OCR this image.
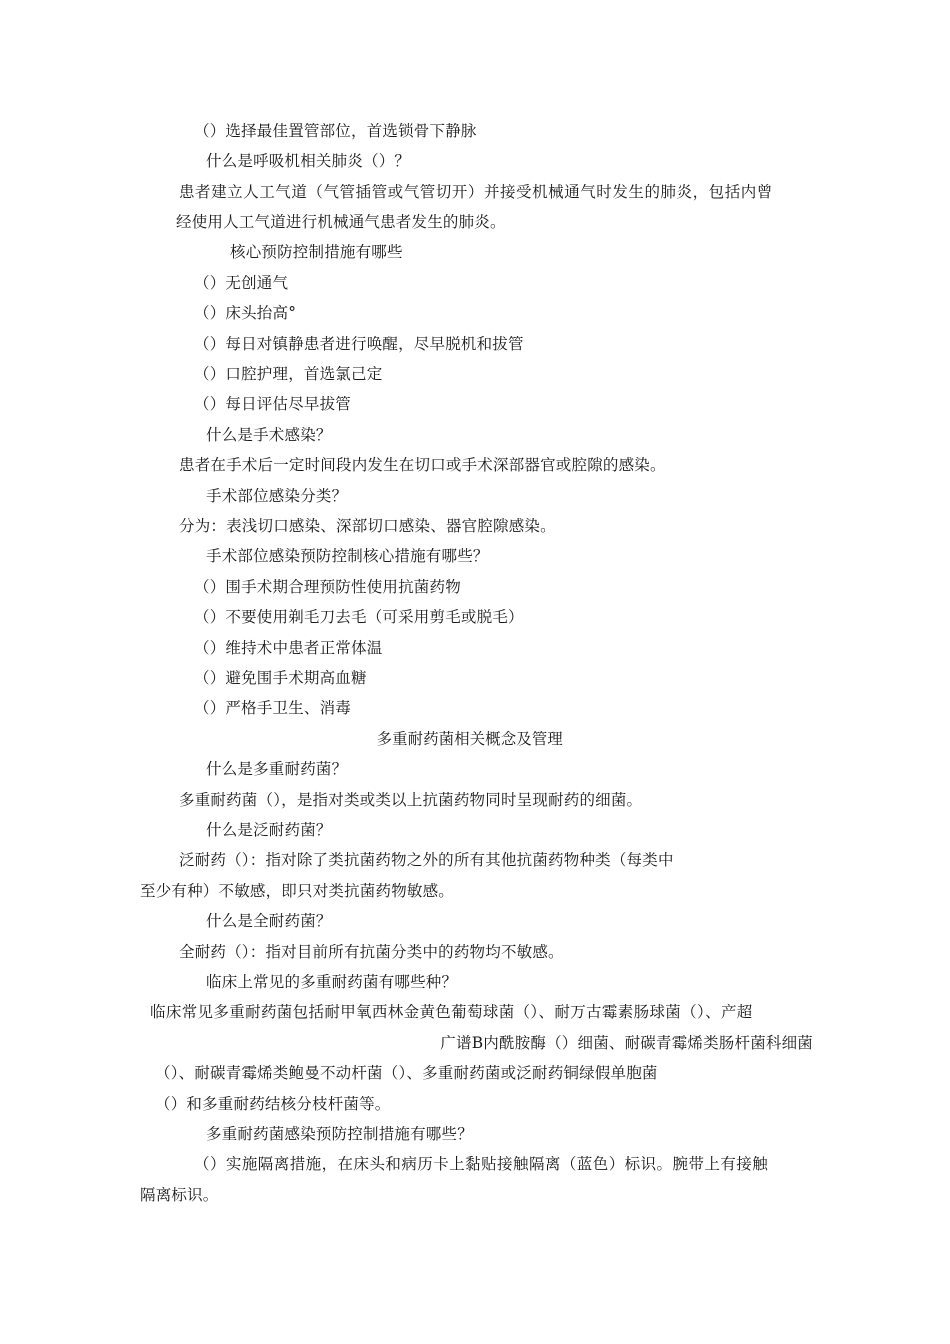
（）选择最佳置管部位，首选锁骨下静脉
什么是呼吸机相关肺炎（）？
患者建立人工气道（气管插管或气管切开）并接受机械通气时发生的肺炎，包括内曾
经使用人工气道进行机械通气患者发生的肺炎。
核心预防控制措施有哪些
（）无创通气
（）床头抬高°
（）每日对镇静患者进行唤醒，尽早脱机和拔管
（）口腔护理，首选氯己定
（）每日评估尽早拔管
什么是手术感染？
患者在手术后一定时间段内发生在切口或手术深部器官或腔隙的感染。
手术部位感染分类？
分为：表浅切口感染、深部切口感染、器官腔隙感染。
手术部位感染预防控制核心措施有哪些？
（）围手术期合理预防性使用抗菌药物
（）不要使用剃毛刀去毛（可采用剪毛或脱毛）
（）维持术中患者正常体温
（）避免围手术期高血糖
（）严格手卫生、消毒
多重耐药菌相关概念及管理
什么是多重耐药菌？
多重耐药菌（），是指对类或类以上抗菌药物同时呈现耐药的细菌。
什么是泛耐药菌？
泛耐药（）：指对除了类抗菌药物之外的所有其他抗菌药物种类（每类中
至少有种）不敏感，即只对类抗菌药物敏感。
什么是全耐药菌？
全耐药（）：指对目前所有抗菌分类中的药物均不敏感。
临床上常见的多重耐药菌有哪些种？
临床常见多重耐药菌包括耐甲氧西林金黄色葡萄球菌（）、耐万古霉素肠球菌（）、产超
广谱B内酰胺酶（）细菌、耐碳青霉烯类肠杆菌科细菌
（）、耐碳青霉烯类鲍曼不动杆菌（）、多重耐药菌或泛耐药铜绿假单胞菌
（）和多重耐药结核分枝杆菌等。
多重耐药菌感染预防控制措施有哪些？
（）实施隔离措施，在床头和病历卡上黏贴接触隔离（蓝色）标识。腕带上有接触
隔离标识。
